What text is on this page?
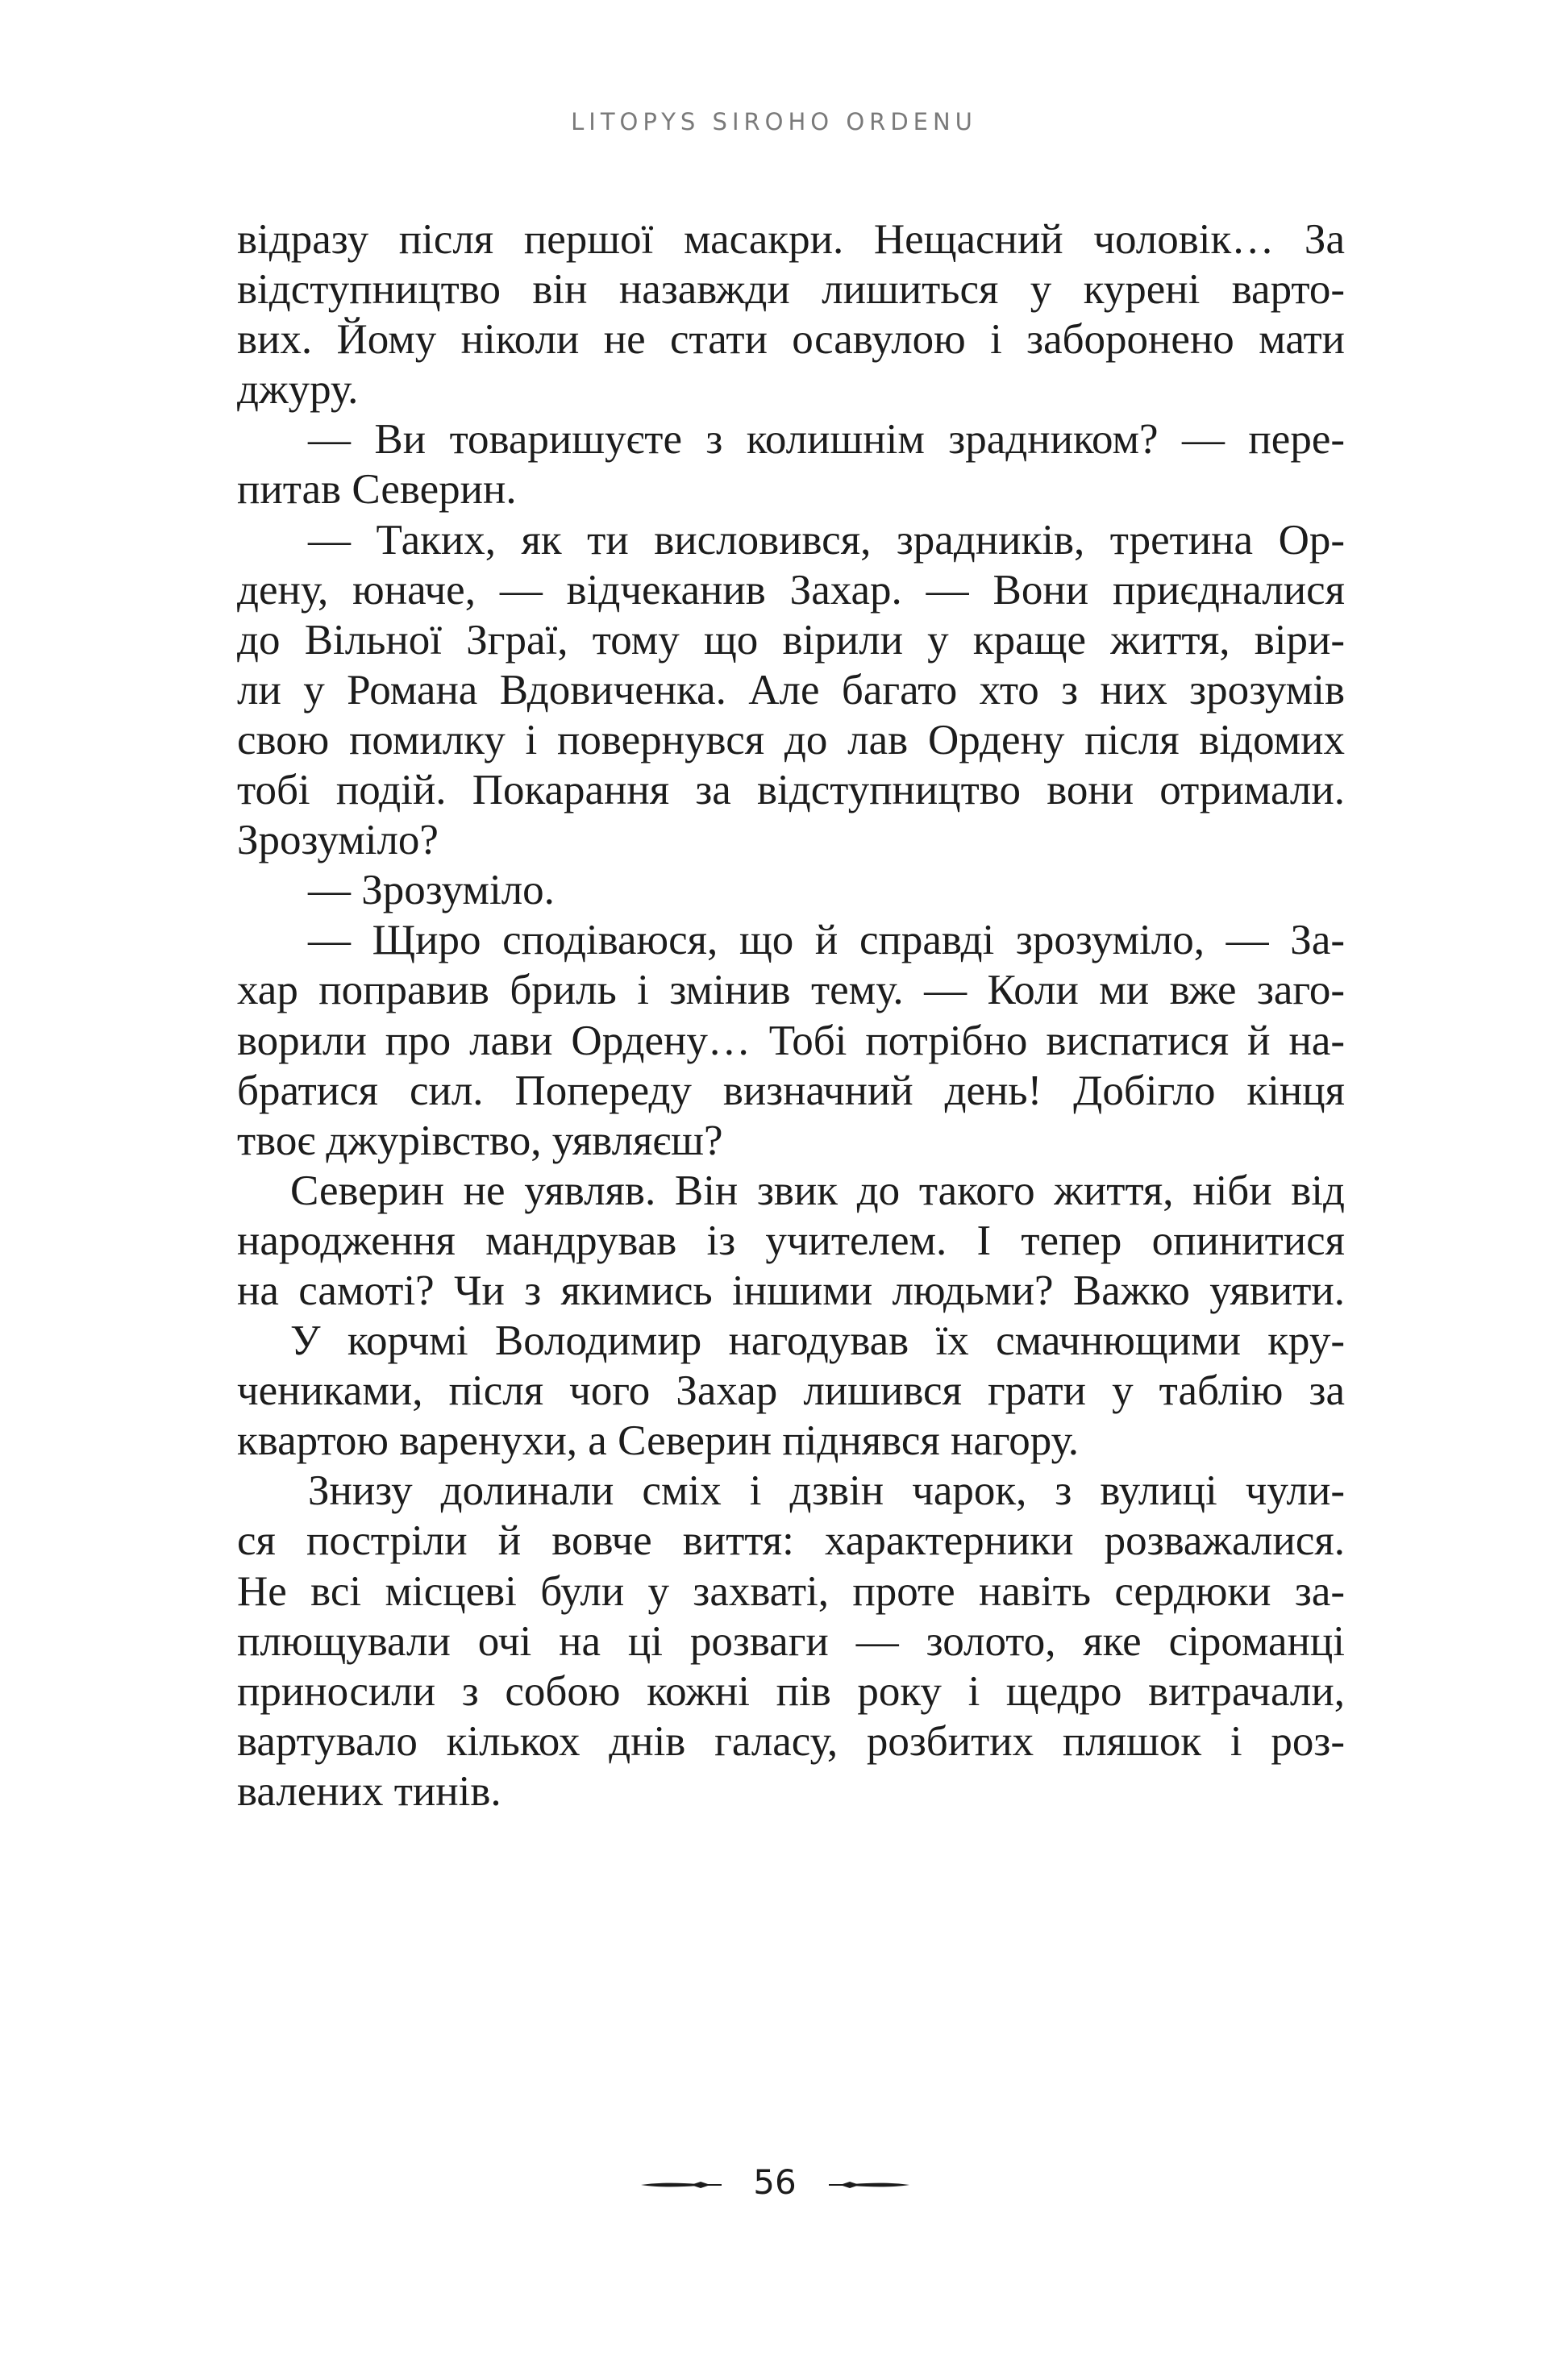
LITOPYS SIROHO ORDENU
відразу після першої масакри. Нещасний чоловік… За
відступництво він назавжди лишиться у курені варто-
вих. Йому ніколи не стати осавулою і заборонено мати
джуру.
— Ви товаришуєте з колишнім зрадником? — пере-
питав Северин.
— Таких, як ти висловився, зрадників, третина Ор-
дену, юначе, — відчеканив Захар. — Вони приєдналися
до Вільної Зграї, тому що вірили у краще життя, віри-
ли у Романа Вдовиченка. Але багато хто з них зрозумів
свою помилку і повернувся до лав Ордену після відомих
тобі подій. Покарання за відступництво вони отримали.
Зрозуміло?
— Зрозуміло.
— Щиро сподіваюся, що й справді зрозуміло, — За-
хар поправив бриль і змінив тему. — Коли ми вже заго-
ворили про лави Ордену… Тобі потрібно виспатися й на-
братися сил. Попереду визначний день! Добігло кінця
твоє джурівство, уявляєш?
Северин не уявляв. Він звик до такого життя, ніби від
народження мандрував із учителем. І тепер опинитися
на самоті? Чи з якимись іншими людьми? Важко уявити.
У корчмі Володимир нагодував їх смачнющими кру-
чениками, після чого Захар лишився грати у таблію за
квартою варенухи, а Северин піднявся нагору.
Знизу долинали сміх і дзвін чарок, з вулиці чули-
ся постріли й вовче виття: характерники розважалися.
Не всі місцеві були у захваті, проте навіть сердюки за-
плющували очі на ці розваги — золото, яке сіроманці
приносили з собою кожні пів року і щедро витрачали,
вартувало кількох днів галасу, розбитих пляшок і роз-
валених тинів.
56
